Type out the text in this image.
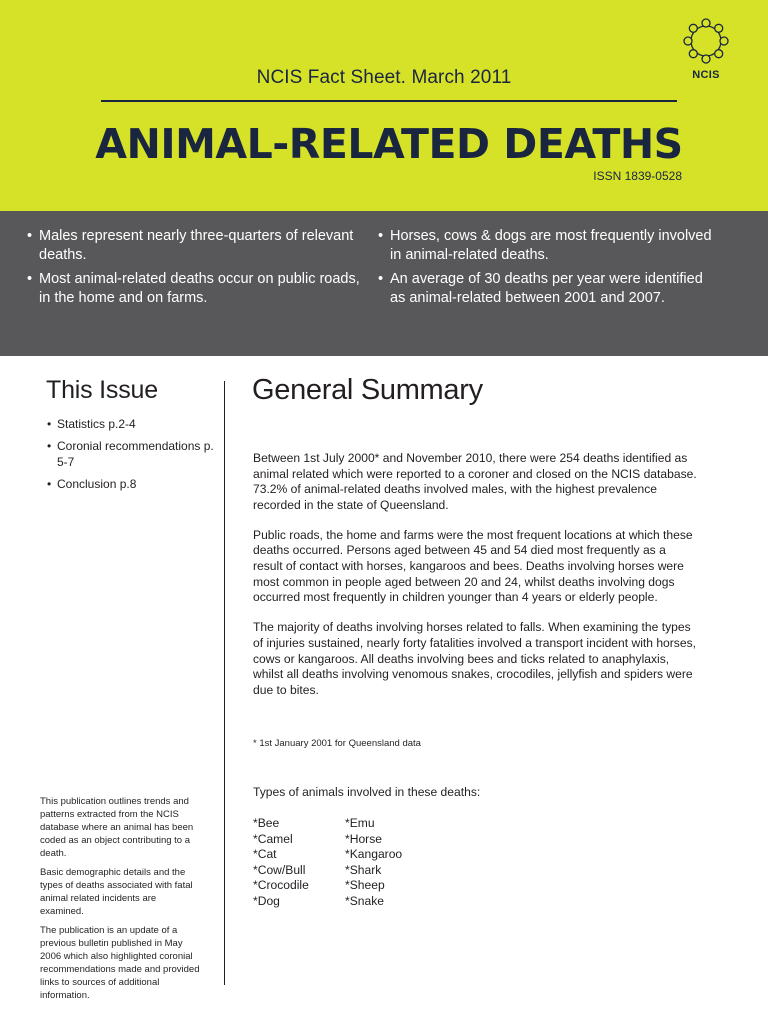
NCIS Fact Sheet. March 2011
ANIMAL-RELATED DEATHS
ISSN 1839-0528
NCIS
• Males represent nearly three-quarters of relevant deaths.
• Most animal-related deaths occur on public roads, in the home and on farms.
• Horses, cows & dogs are most frequently involved in animal-related deaths.
• An average of 30 deaths per year were identified as animal-related between 2001 and 2007.
This Issue
• Statistics p.2-4
• Coronial recommendations p. 5-7
• Conclusion p.8

This publication outlines trends and patterns extracted from the NCIS database where an animal has been coded as an object contributing to a death.

Basic demographic details and the types of deaths associated with fatal animal related incidents are examined.

The publication is an update of a previous bulletin published in May 2006 which also highlighted coronial recommendations made and provided links to sources of additional information.

General Summary

Between 1st July 2000* and November 2010, there were 254 deaths identified as animal related which were reported to a coroner and closed on the NCIS database. 73.2% of animal-related deaths involved males, with the highest prevalence recorded in the state of Queensland.

Public roads, the home and farms were the most frequent locations at which these deaths occurred. Persons aged between 45 and 54 died most frequently as a result of contact with horses, kangaroos and bees. Deaths involving horses were most common in people aged between 20 and 24, whilst deaths involving dogs occurred most frequently in children younger than 4 years or elderly people.

The majority of deaths involving horses related to falls. When examining the types of injuries sustained, nearly forty fatalities involved a transport incident with horses, cows or kangaroos. All deaths involving bees and ticks related to anaphylaxis, whilst all deaths involving venomous snakes, crocodiles, jellyfish and spiders were due to bites.

* 1st January 2001 for Queensland data
Types of animals involved in these deaths:
*Bee
*Camel
*Cat
*Cow/Bull
*Crocodile
*Dog
*Emu
*Horse
*Kangaroo
*Shark
*Sheep
*Snake
